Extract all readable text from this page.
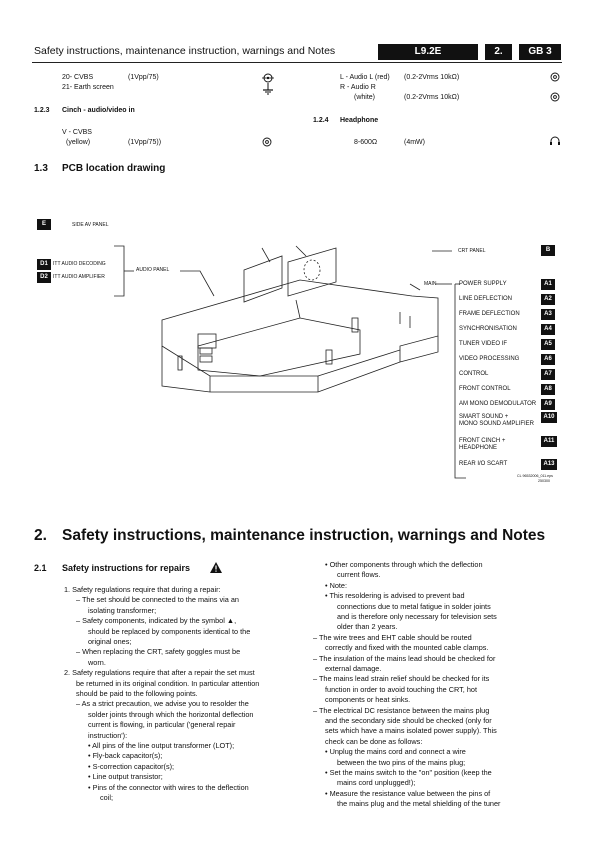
Safety instructions, maintenance instruction, warnings and Notes	L9.2E	2.	GB 3
20- CVBS	(1Vpp/75)
21- Earth screen
L - Audio L (red) (0.2-2Vrms 10kΩ)
R - Audio R
(white)	(0.2-2Vrms 10kΩ)
1.2.3 Cinch - audio/video in
V - CVBS
(yellow)	(1Vpp/75))
1.2.4 Headphone
8-600Ω	(4mW)
1.3 PCB location drawing
E	SIDE AV PANEL
D1	ITT AUDIO DECODING
D2	ITT AUDIO AMPLIFIER
AUDIO PANEL
CRT PANEL	B
MAIN	POWER SUPPLY	A1
LINE DEFLECTION	A2
FRAME DEFLECTION	A3
SYNCHRONISATION	A4
TUNER VIDEO IF	A5
VIDEO PROCESSING	A6
CONTROL	A7
FRONT CONTROL	A8
AM MONO DEMODULATOR	A9
SMART SOUND +
MONO SOUND AMPLIFIER
A10
FRONT CINCH +
HEADPHONE
A11
REAR I/O SCART	A13
CL 96532006_011.eps
250300
2. Safety instructions, maintenance instruction, warnings and Notes
2.1 Safety instructions for repairs
1. Safety regulations require that during a repair:
– The set should be connected to the mains via an
isolating transformer;
– Safety components, indicated by the symbol ▲,
should be replaced by components identical to the
original ones;
– When replacing the CRT, safety goggles must be
worn.
2. Safety regulations require that after a repair the set must
be returned in its original condition. In particular attention
should be paid to the following points.
– As a strict precaution, we advise you to resolder the
solder joints through which the horizontal deflection
current is flowing, in particular ('general repair
instruction'):
• All pins of the line output transformer (LOT);
• Fly-back capacitor(s);
• S-correction capacitor(s);
• Line output transistor;
• Pins of the connector with wires to the deflection
coil;
• Other components through which the deflection
current flows.
• Note:
• This resoldering is advised to prevent bad
connections due to metal fatigue in solder joints
and is therefore only necessary for television sets
older than 2 years.
– The wire trees and EHT cable should be routed
correctly and fixed with the mounted cable clamps.
– The insulation of the mains lead should be checked for
external damage.
– The mains lead strain relief should be checked for its
function in order to avoid touching the CRT, hot
components or heat sinks.
– The electrical DC resistance between the mains plug
and the secondary side should be checked (only for
sets which have a mains isolated power supply). This
check can be done as follows:
• Unplug the mains cord and connect a wire
between the two pins of the mains plug;
• Set the mains switch to the "on" position (keep the
mains cord unplugged!);
• Measure the resistance value between the pins of
the mains plug and the metal shielding of the tuner
